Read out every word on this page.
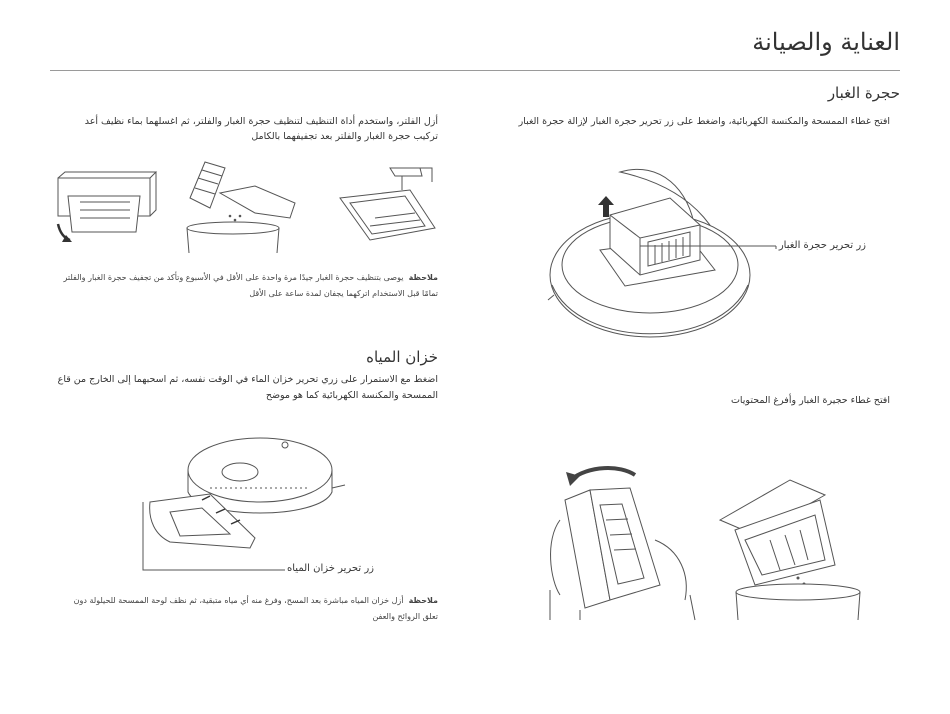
العناية والصيانة
حجرة الغبار
افتح غطاء الممسحة والمكنسة الكهربائية، واضغط على زر تحرير حجرة الغبار لإزالة حجرة الغبار
زر تحرير حجرة الغبار
افتح غطاء حجيرة الغبار وأفرغ المحتويات
أزل الفلتر، واستخدم أداة التنظيف لتنظيف حجرة الغبار والفلتر، ثم اغسلهما بماء نظيف أعد
تركيب حجرة الغبار والفلتر بعد تجفيفهما بالكامل
ملاحظة  يوصى بتنظيف حجرة الغبار جيدًا مرة واحدة على الأقل في الأسبوع وتأكد من تجفيف حجرة الغبار والفلتر
تمامًا قبل الاستخدام اتركهما يجفان لمدة ساعة على الأقل
خزان المياه
اضغط مع الاستمرار على زري تحرير خزان الماء في الوقت نفسه، ثم اسحبهما إلى الخارج من قاع
الممسحة والمكنسة الكهربائية كما هو موضح
زر تحرير خزان المياه
ملاحظة  أزل خزان المياه مباشرة بعد المسح، وفرغ منه أي مياه متبقية، ثم نظف لوحة الممسحة للحيلولة دون
تعلق الروائح والعفن
